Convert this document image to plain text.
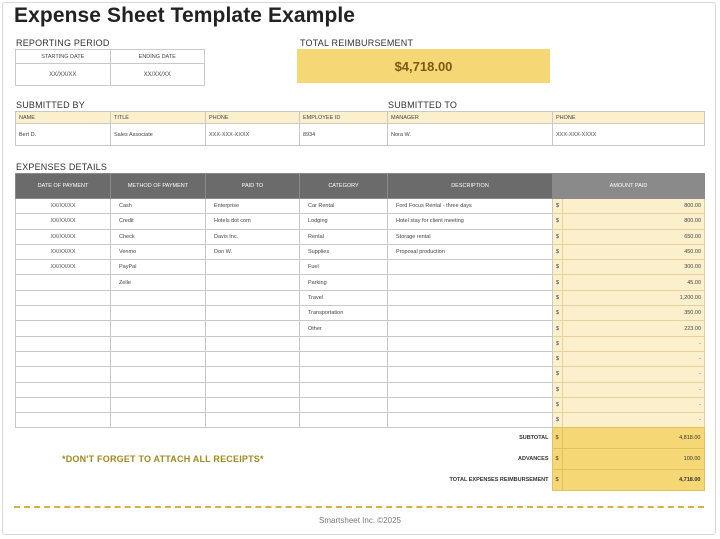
Expense Sheet Template Example
REPORTING PERIOD
STARTING DATE	ENDING DATE
XX/XX/XX	XX/XX/XX
TOTAL REIMBURSEMENT
$4,718.00
SUBMITTED BY	SUBMITTED TO
NAME	TITLE	PHONE	EMPLOYEE ID	MANAGER	PHONE
Bert D.	Sales Associate	XXX-XXX-XXXX	8934	Nora W.	XXX-XXX-XXXX
EXPENSES DETAILS
DATE OF PAYMENT	METHOD OF PAYMENT	PAID TO	CATEGORY	DESCRIPTION	AMOUNT PAID	
XX/XX/XX	Cash	Enterprise	Car Rental	Ford Focus Rental - three days	$	800.00
XX/XX/XX	Credit	Hotels dot com	Lodging	Hotel stay for client meeting	$	800.00
XX/XX/XX	Check	Davis Inc.	Rental	Storage rental	$	650.00
XX/XX/XX	Venmo	Don W.	Supplies	Proposal production	$	450.00
XX/XX/XX	PayPal		Fuel		$	300.00
	Zelle		Parking		$	45.00
			Travel		$	1,200.00
			Transportation		$	350.00
			Other		$	223.00
					$	-
					$	-
					$	-
					$	-
					$	-
					$	-
SUBTOTAL	$	4,818.00
ADVANCES	$	100.00
TOTAL EXPENSES REIMBURSEMENT	$	4,718.00
*DON'T FORGET TO ATTACH ALL RECEIPTS*
Smartsheet Inc. ©2025
